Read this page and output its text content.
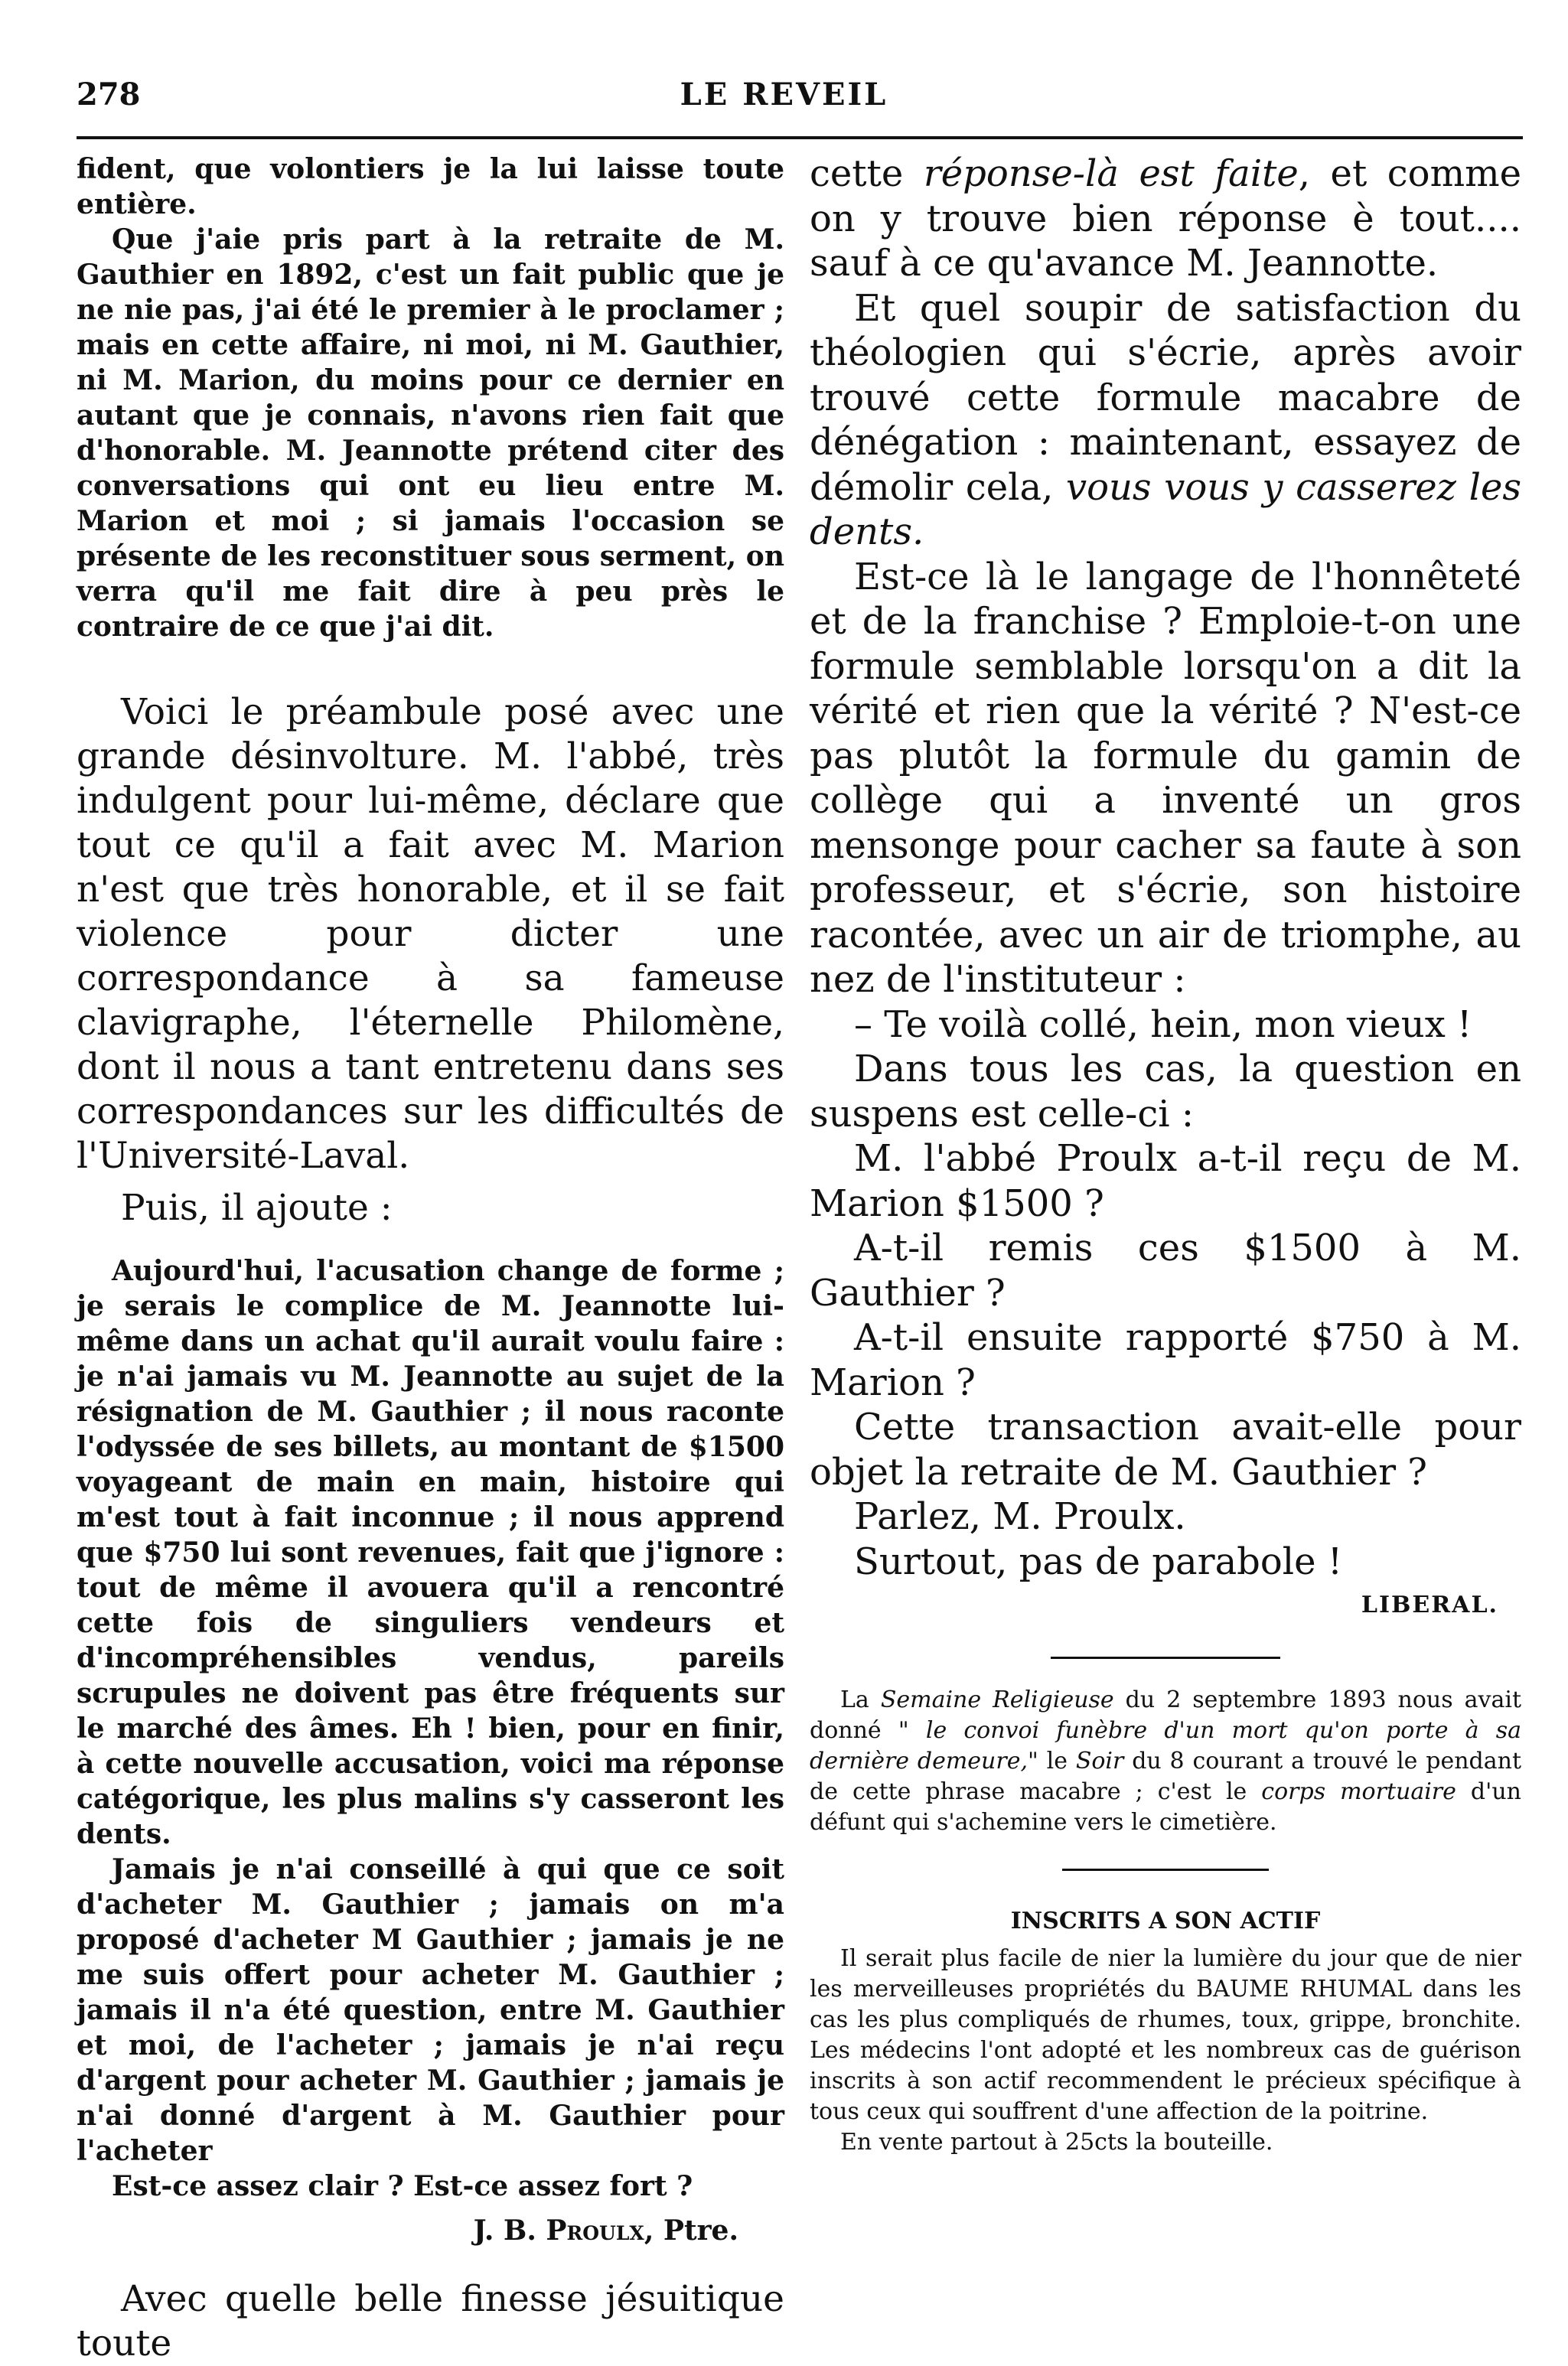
278	LE REVEIL

fident, que volontiers je la lui laisse toute entière.

Que j'aie pris part à la retraite de M. Gauthier en 1892, c'est un fait public que je ne nie pas, j'ai été le premier à le proclamer ; mais en cette affaire, ni moi, ni M. Gauthier, ni M. Marion, du moins pour ce dernier en autant que je connais, n'avons rien fait que d'honorable. M. Jeannotte prétend citer des conversations qui ont eu lieu entre M. Marion et moi ; si jamais l'occasion se présente de les reconstituer sous serment, on verra qu'il me fait dire à peu près le contraire de ce que j'ai dit.

Voici le préambule posé avec une grande désinvolture. M. l'abbé, très indulgent pour lui-même, déclare que tout ce qu'il a fait avec M. Marion n'est que très honorable, et il se fait violence pour dicter une correspondance à sa fameuse clavigraphe, l'éternelle Philomène, dont il nous a tant entretenu dans ses correspondances sur les difficultés de l'Université-Laval.

Puis, il ajoute :

Aujourd'hui, l'acusation change de forme ; je serais le complice de M. Jeannotte lui-même dans un achat qu'il aurait voulu faire : je n'ai jamais vu M. Jeannotte au sujet de la résignation de M. Gauthier ; il nous raconte l'odyssée de ses billets, au montant de $1500 voyageant de main en main, histoire qui m'est tout à fait inconnue ; il nous apprend que $750 lui sont revenues, fait que j'ignore : tout de même il avouera qu'il a rencontré cette fois de singuliers vendeurs et d'incompréhensibles vendus, pareils scrupules ne doivent pas être fréquents sur le marché des âmes. Eh ! bien, pour en finir, à cette nouvelle accusation, voici ma réponse catégorique, les plus malins s'y casseront les dents.

Jamais je n'ai conseillé à qui que ce soit d'acheter M. Gauthier ; jamais on m'a proposé d'acheter M Gauthier ; jamais je ne me suis offert pour acheter M. Gauthier ; jamais il n'a été question, entre M. Gauthier et moi, de l'acheter ; jamais je n'ai reçu d'argent pour acheter M. Gauthier ; jamais je n'ai donné d'argent à M. Gauthier pour l'acheter

Est-ce assez clair ? Est-ce assez fort ?

J. B. Proulx, Ptre.

Avec quelle belle finesse jésuitique toute

cette réponse-là est faite, et comme on y trouve bien réponse è tout.... sauf à ce qu'avance M. Jeannotte.

Et quel soupir de satisfaction du théologien qui s'écrie, après avoir trouvé cette formule macabre de dénégation : maintenant, essayez de démolir cela, vous vous y casserez les dents.

Est-ce là le langage de l'honnêteté et de la franchise ? Emploie-t-on une formule semblable lorsqu'on a dit la vérité et rien que la vérité ? N'est-ce pas plutôt la formule du gamin de collège qui a inventé un gros mensonge pour cacher sa faute à son professeur, et s'écrie, son histoire racontée, avec un air de triomphe, au nez de l'instituteur :

– Te voilà collé, hein, mon vieux !

Dans tous les cas, la question en suspens est celle-ci :

M. l'abbé Proulx a-t-il reçu de M. Marion $1500 ?

A-t-il remis ces $1500 à M. Gauthier ?

A-t-il ensuite rapporté $750 à M. Marion ?

Cette transaction avait-elle pour objet la retraite de M. Gauthier ?

Parlez, M. Proulx.

Surtout, pas de parabole !

LIBERAL.

La Semaine Religieuse du 2 septembre 1893 nous avait donné " le convoi funèbre d'un mort qu'on porte à sa dernière demeure," le Soir du 8 courant a trouvé le pendant de cette phrase macabre ; c'est le corps mortuaire d'un défunt qui s'achemine vers le cimetière.

INSCRITS A SON ACTIF

Il serait plus facile de nier la lumière du jour que de nier les merveilleuses propriétés du BAUME RHUMAL dans les cas les plus compliqués de rhumes, toux, grippe, bronchite. Les médecins l'ont adopté et les nombreux cas de guérison inscrits à son actif recommendent le précieux spécifique à tous ceux qui souffrent d'une affection de la poitrine.

En vente partout à 25cts la bouteille.
